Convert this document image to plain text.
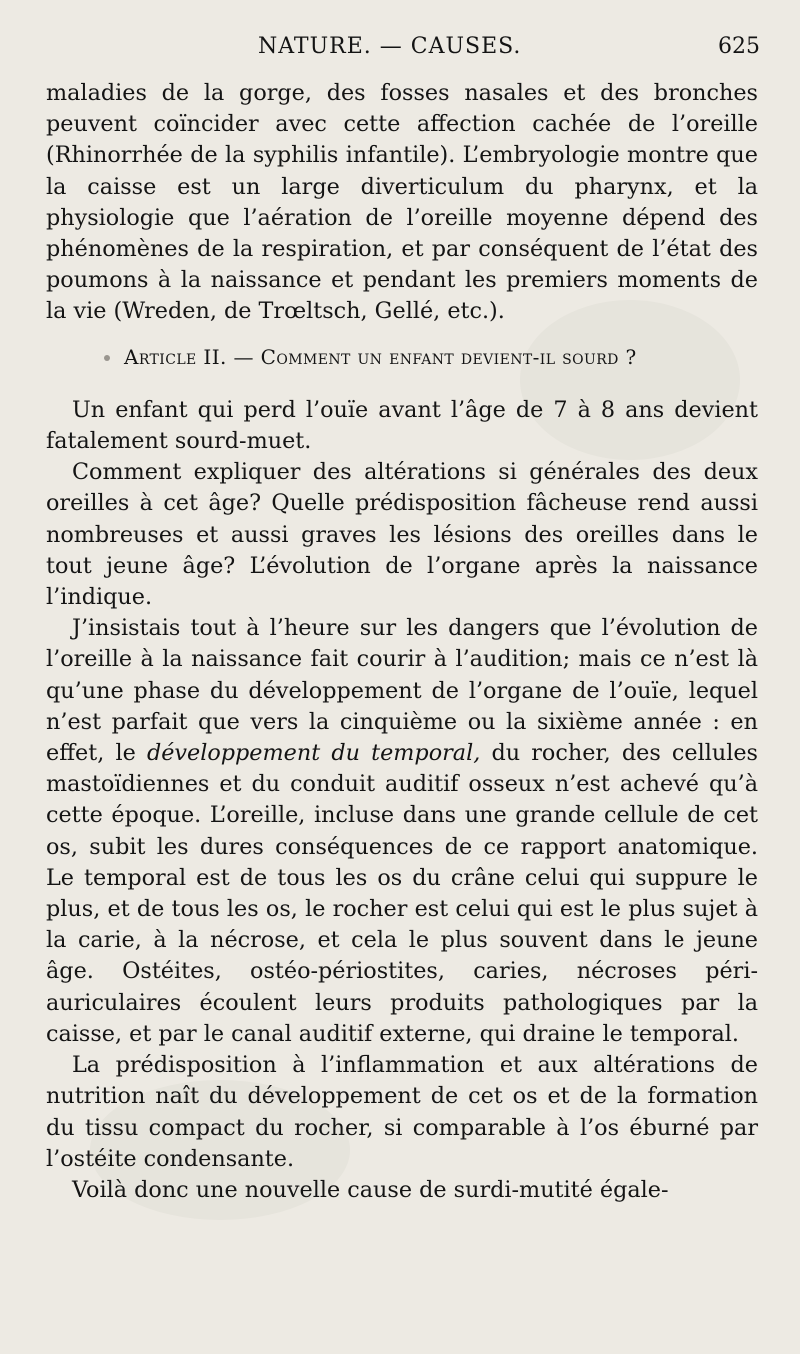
NATURE. — CAUSES.	625

maladies de la gorge, des fosses nasales et des bronches peuvent coïncider avec cette affection cachée de l’oreille (Rhinorrhée de la syphilis infantile). L’embryologie montre que la caisse est un large diverticulum du pharynx, et la physiologie que l’aération de l’oreille moyenne dépend des phénomènes de la respiration, et par conséquent de l’état des poumons à la naissance et pendant les premiers moments de la vie (Wreden, de Trœltsch, Gellé, etc.).

Article II. — Comment un enfant devient-il sourd ?

Un enfant qui perd l’ouïe avant l’âge de 7 à 8 ans devient fatalement sourd-muet.

Comment expliquer des altérations si générales des deux oreilles à cet âge? Quelle prédisposition fâcheuse rend aussi nombreuses et aussi graves les lésions des oreilles dans le tout jeune âge? L’évolution de l’organe après la naissance l’indique.

J’insistais tout à l’heure sur les dangers que l’évolution de l’oreille à la naissance fait courir à l’audition; mais ce n’est là qu’une phase du développement de l’organe de l’ouïe, lequel n’est parfait que vers la cinquième ou la sixième année : en effet, le développement du temporal, du rocher, des cellules mastoïdiennes et du conduit auditif osseux n’est achevé qu’à cette époque. L’oreille, incluse dans une grande cellule de cet os, subit les dures conséquences de ce rapport anatomique. Le temporal est de tous les os du crâne celui qui suppure le plus, et de tous les os, le rocher est celui qui est le plus sujet à la carie, à la nécrose, et cela le plus souvent dans le jeune âge. Ostéites, ostéo-périostites, caries, nécroses péri-auriculaires écoulent leurs produits pathologiques par la caisse, et par le canal auditif externe, qui draine le temporal.

La prédisposition à l’inflammation et aux altérations de nutrition naît du développement de cet os et de la formation du tissu compact du rocher, si comparable à l’os éburné par l’ostéite condensante.

Voilà donc une nouvelle cause de surdi-mutité égale-
